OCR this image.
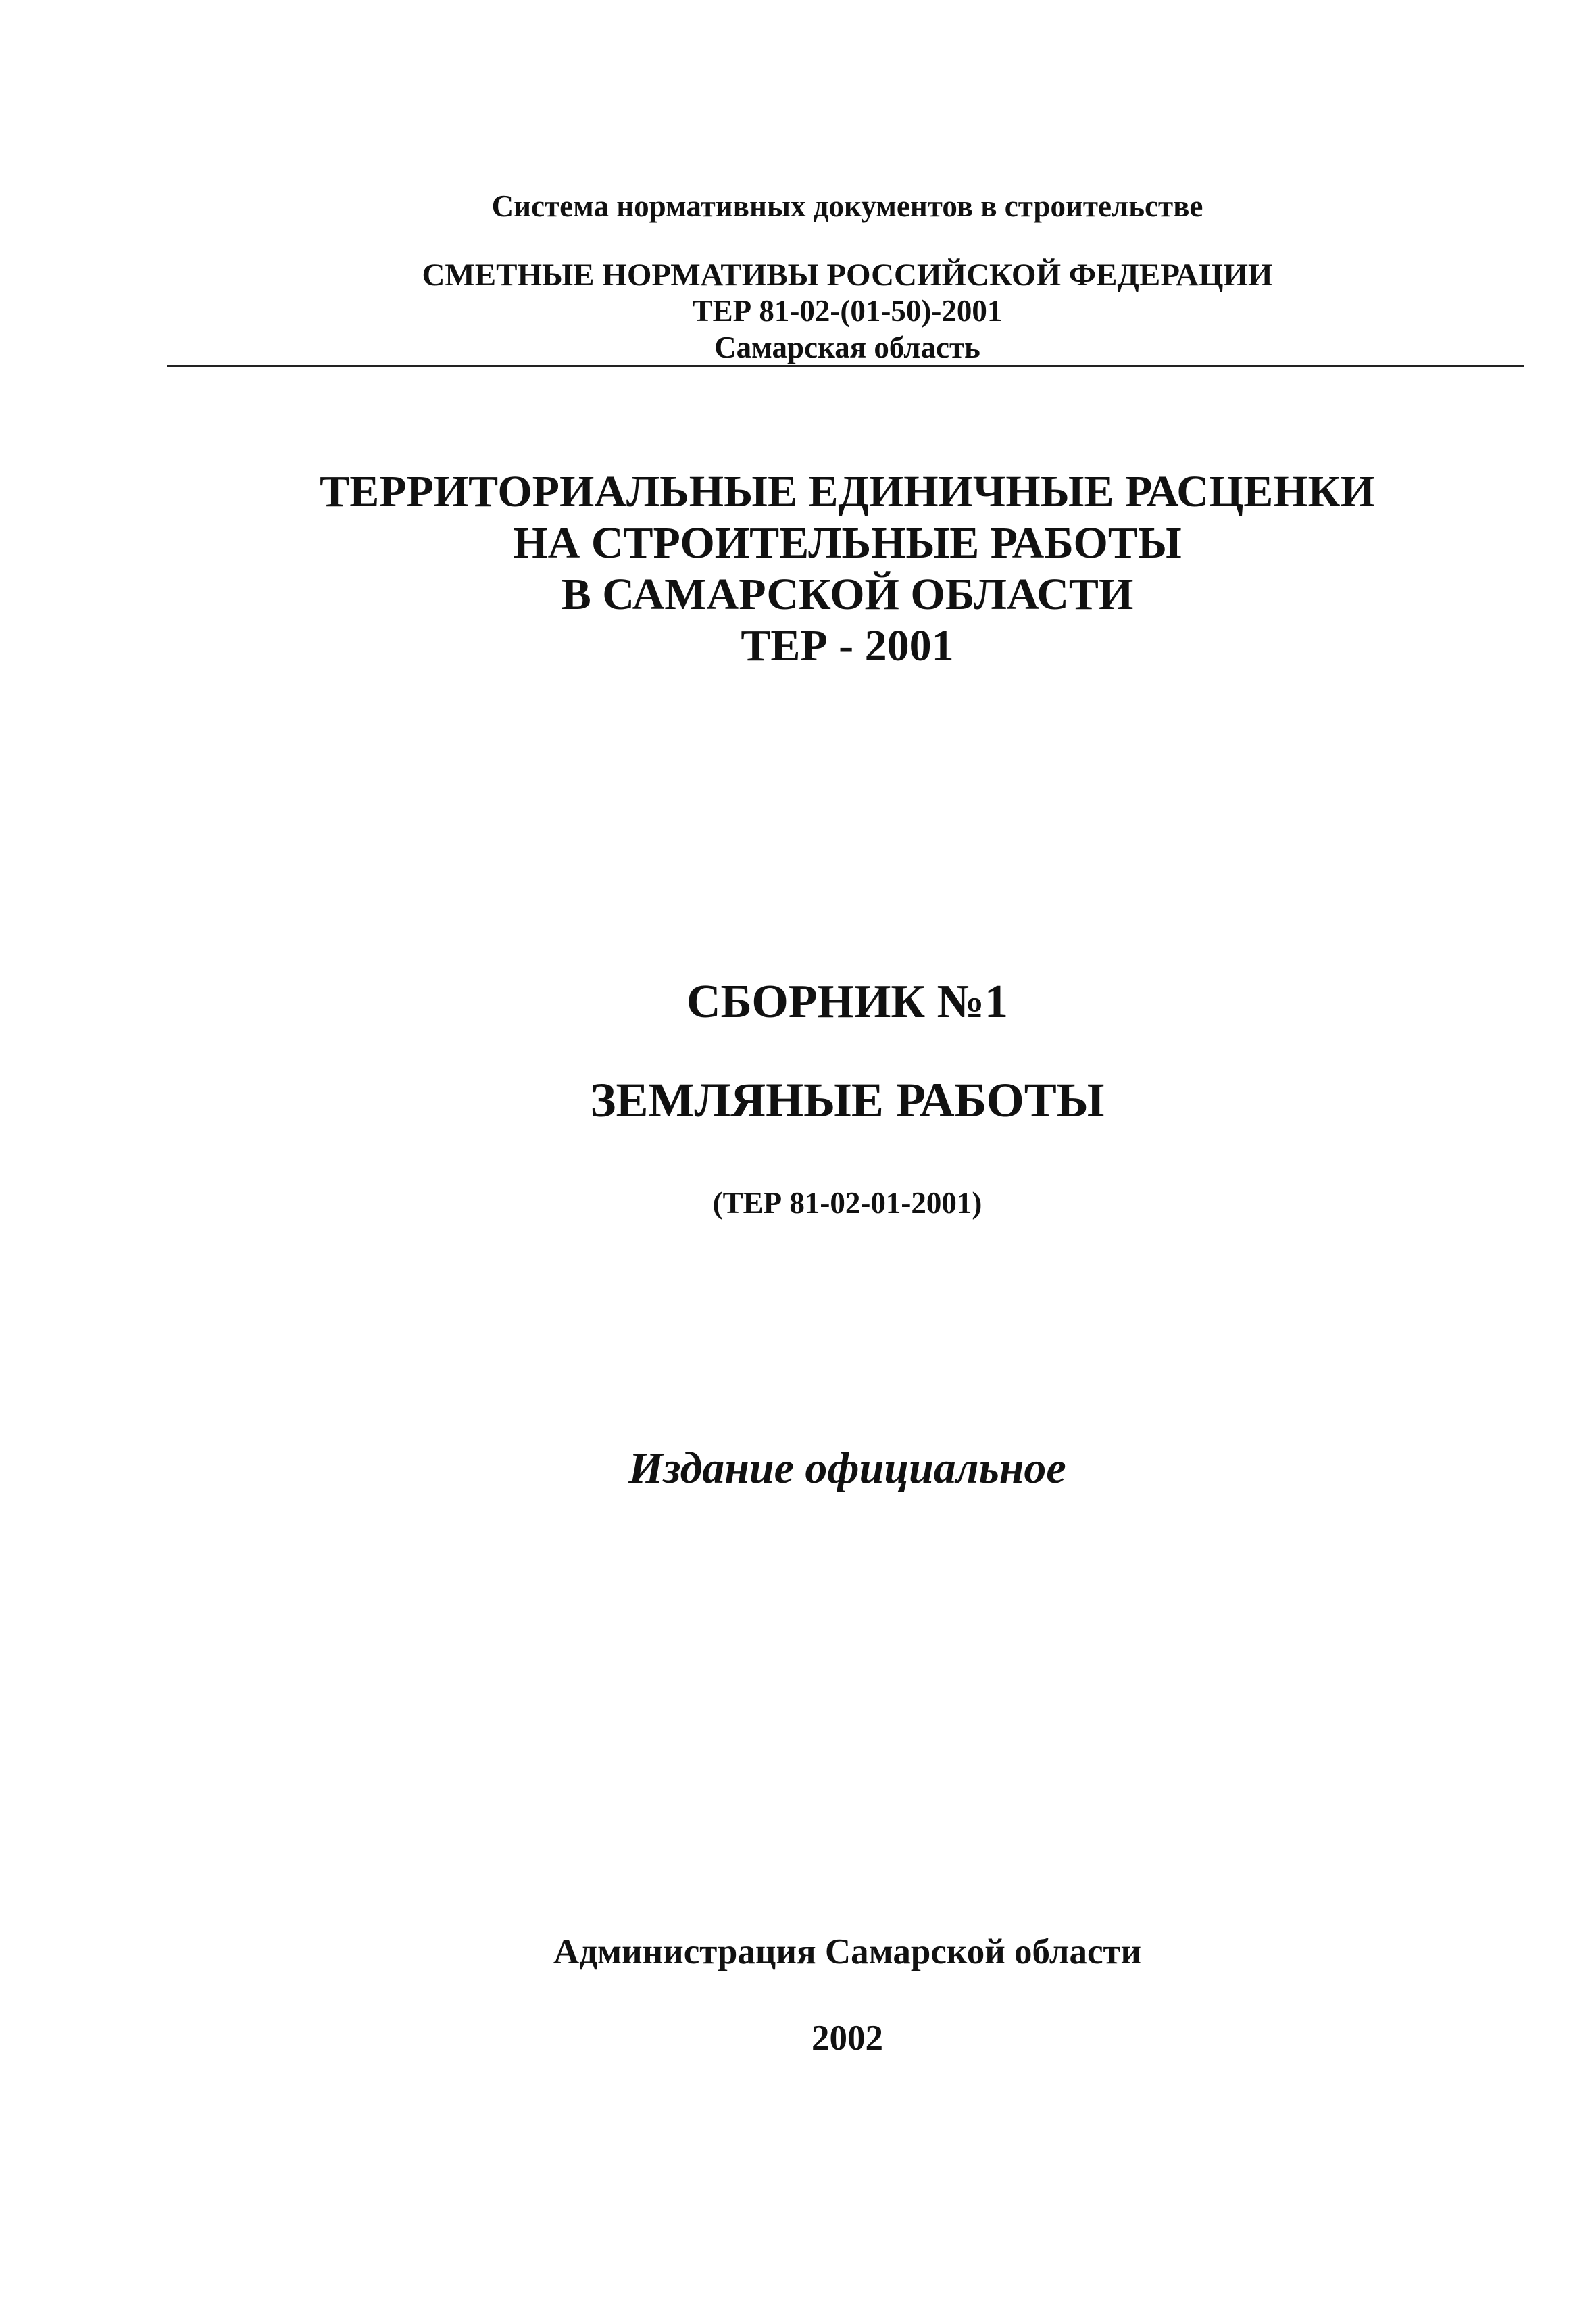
Система нормативных документов в строительстве
СМЕТНЫЕ НОРМАТИВЫ РОССИЙСКОЙ ФЕДЕРАЦИИ
ТЕР 81-02-(01-50)-2001
Самарская область
ТЕРРИТОРИАЛЬНЫЕ ЕДИНИЧНЫЕ РАСЦЕНКИ
НА СТРОИТЕЛЬНЫЕ РАБОТЫ
В САМАРСКОЙ ОБЛАСТИ
ТЕР - 2001
СБОРНИК №1
ЗЕМЛЯНЫЕ РАБОТЫ
(ТЕР 81-02-01-2001)
Издание официальное
Администрация Самарской области
2002
